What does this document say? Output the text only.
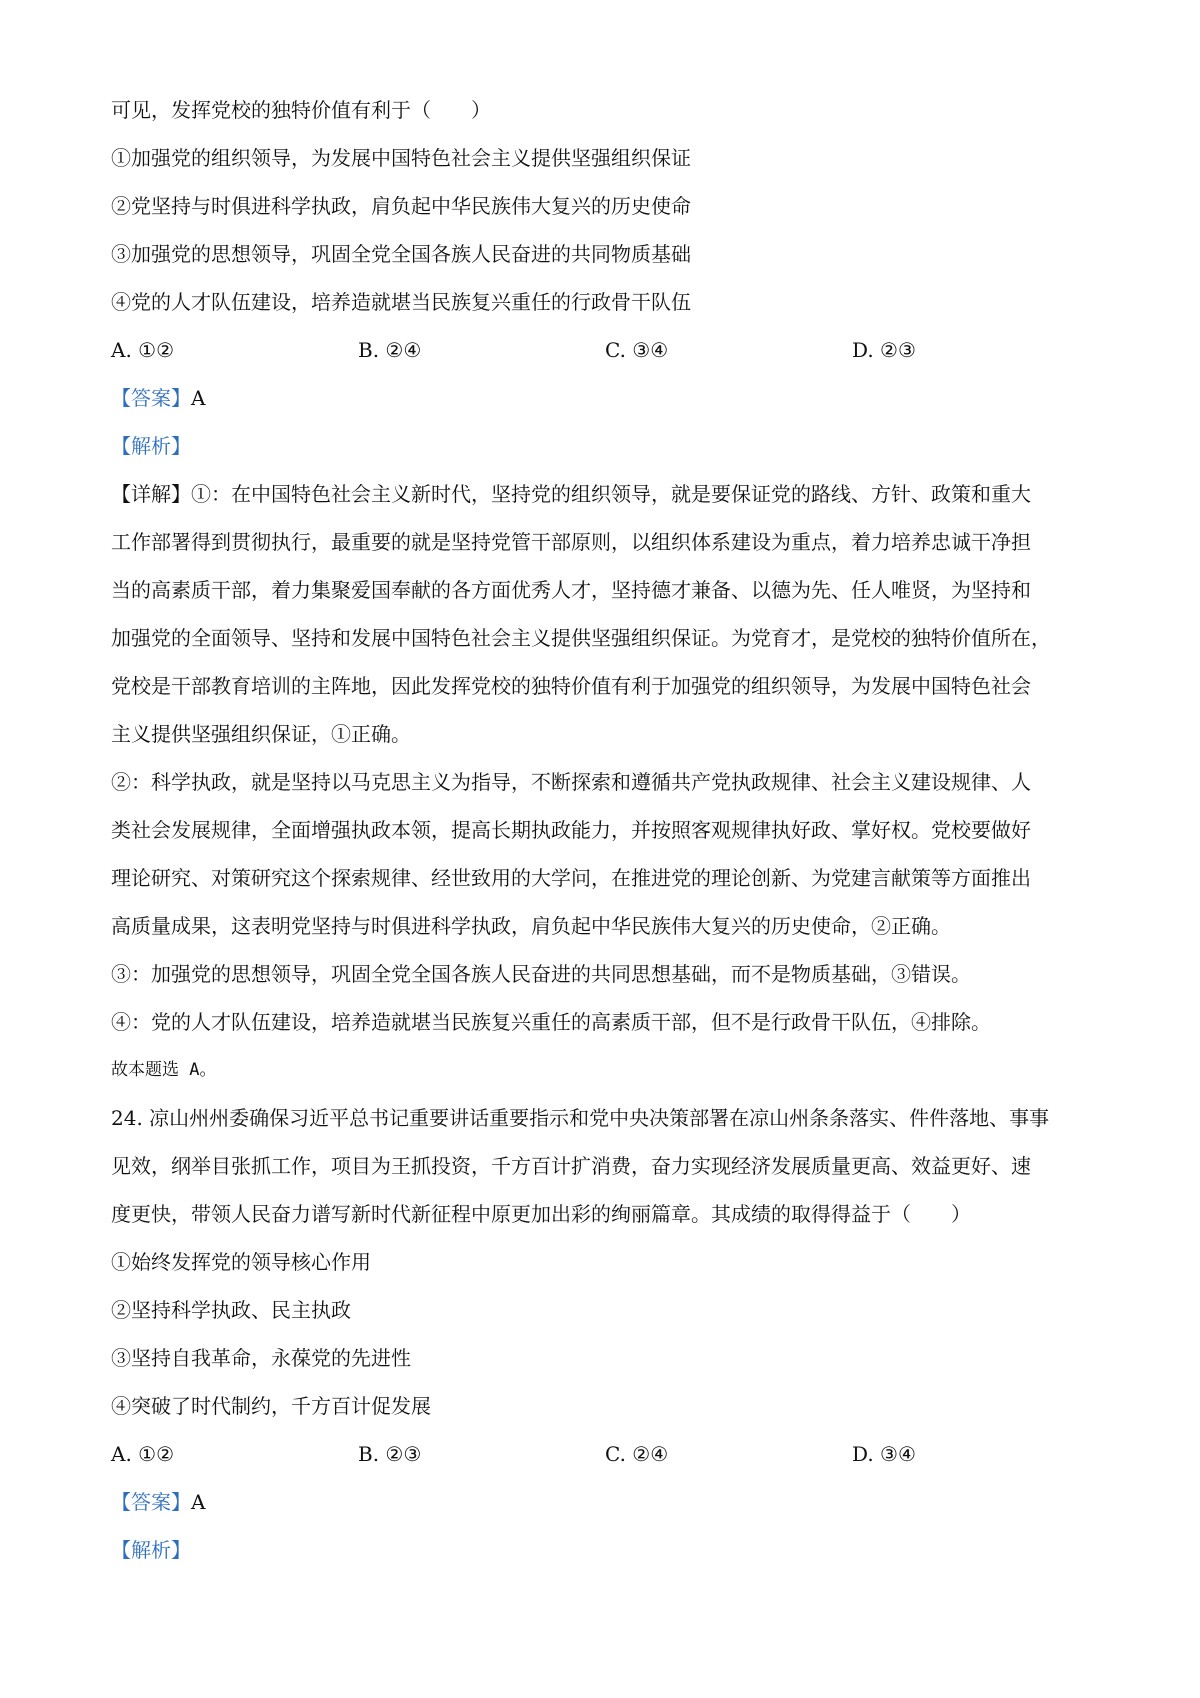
可见，发挥党校的独特价值有利于（　　）

①加强党的组织领导，为发展中国特色社会主义提供坚强组织保证

②党坚持与时俱进科学执政，肩负起中华民族伟大复兴的历史使命

③加强党的思想领导，巩固全党全国各族人民奋进的共同物质基础

④党的人才队伍建设，培养造就堪当民族复兴重任的行政骨干队伍

A. ①②	B. ②④	C. ③④	D. ②③

【答案】A

【解析】

【详解】①：在中国特色社会主义新时代，坚持党的组织领导，就是要保证党的路线、方针、政策和重大

工作部署得到贯彻执行，最重要的就是坚持党管干部原则，以组织体系建设为重点，着力培养忠诚干净担

当的高素质干部，着力集聚爱国奉献的各方面优秀人才，坚持德才兼备、以德为先、任人唯贤，为坚持和

加强党的全面领导、坚持和发展中国特色社会主义提供坚强组织保证。为党育才，是党校的独特价值所在，

党校是干部教育培训的主阵地，因此发挥党校的独特价值有利于加强党的组织领导，为发展中国特色社会

主义提供坚强组织保证，①正确。

②：科学执政，就是坚持以马克思主义为指导，不断探索和遵循共产党执政规律、社会主义建设规律、人

类社会发展规律，全面增强执政本领，提高长期执政能力，并按照客观规律执好政、掌好权。党校要做好

理论研究、对策研究这个探索规律、经世致用的大学问，在推进党的理论创新、为党建言献策等方面推出

高质量成果，这表明党坚持与时俱进科学执政，肩负起中华民族伟大复兴的历史使命，②正确。

③：加强党的思想领导，巩固全党全国各族人民奋进的共同思想基础，而不是物质基础，③错误。

④：党的人才队伍建设，培养造就堪当民族复兴重任的高素质干部，但不是行政骨干队伍，④排除。

故本题选 A。

24. 凉山州州委确保习近平总书记重要讲话重要指示和党中央决策部署在凉山州条条落实、件件落地、事事

见效，纲举目张抓工作，项目为王抓投资，千方百计扩消费，奋力实现经济发展质量更高、效益更好、速

度更快，带领人民奋力谱写新时代新征程中原更加出彩的绚丽篇章。其成绩的取得得益于（　　）

①始终发挥党的领导核心作用

②坚持科学执政、民主执政

③坚持自我革命，永葆党的先进性

④突破了时代制约，千方百计促发展

A. ①②	B. ②③	C. ②④	D. ③④

【答案】A

【解析】
